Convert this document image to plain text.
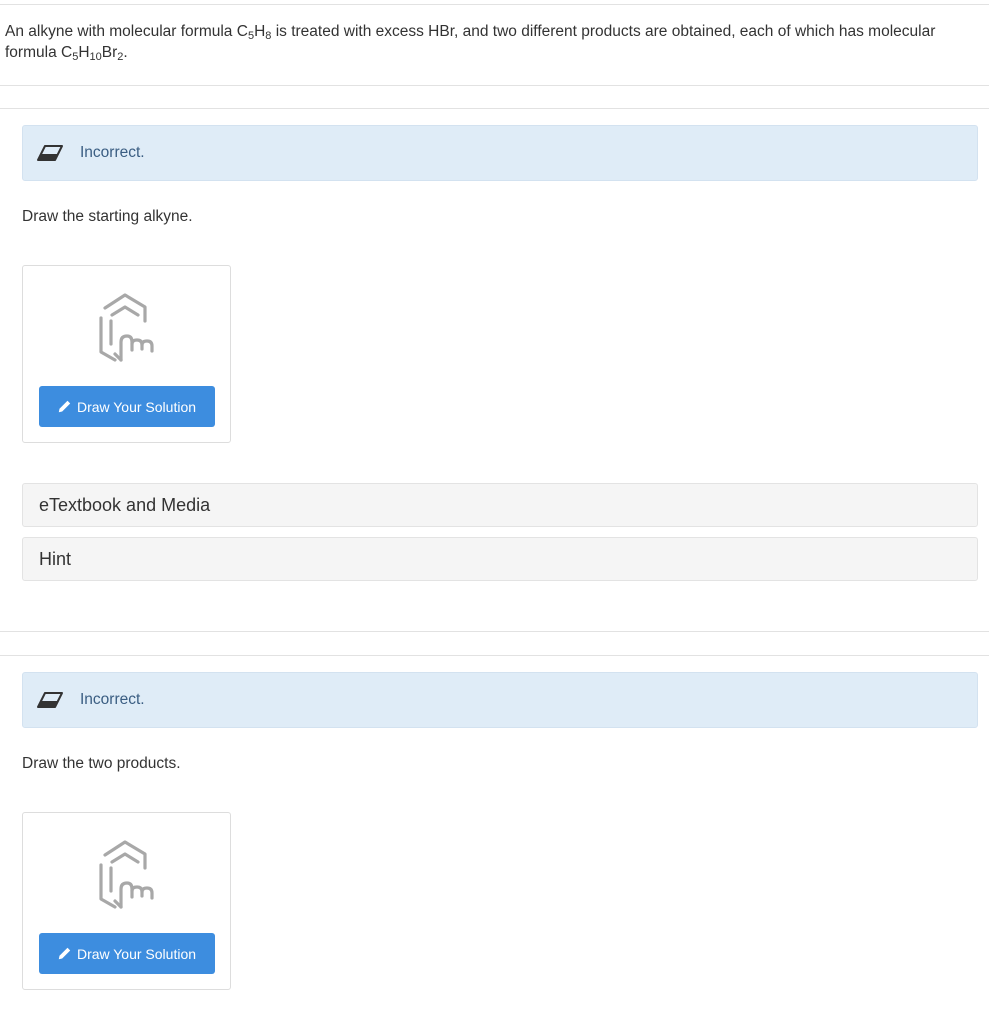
An alkyne with molecular formula $C_5H_8$ is treated with excess HBr, and two different products are obtained, each of which has molecular formula $C_5H_{10}Br_2$.
Incorrect.
Draw the starting alkyne.
Draw Your Solution
eTextbook and Media
Hint
Incorrect.
Draw the two products.
Draw Your Solution
